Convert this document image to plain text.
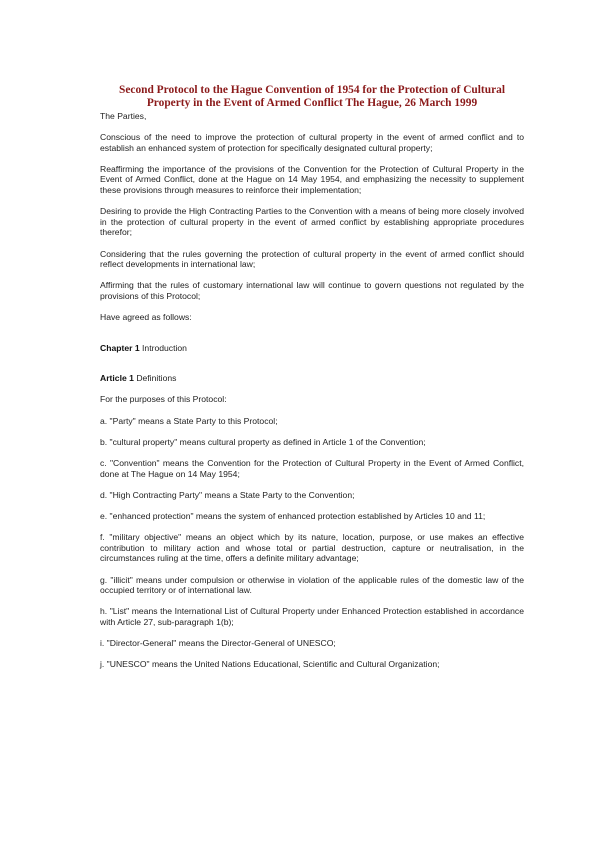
Second Protocol to the Hague Convention of 1954 for the Protection of Cultural Property in the Event of Armed Conflict The Hague, 26 March 1999

The Parties,

Conscious of the need to improve the protection of cultural property in the event of armed conflict and to establish an enhanced system of protection for specifically designated cultural property;

Reaffirming the importance of the provisions of the Convention for the Protection of Cultural Property in the Event of Armed Conflict, done at the Hague on 14 May 1954, and emphasizing the necessity to supplement these provisions through measures to reinforce their implementation;

Desiring to provide the High Contracting Parties to the Convention with a means of being more closely involved in the protection of cultural property in the event of armed conflict by establishing appropriate procedures therefor;

Considering that the rules governing the protection of cultural property in the event of armed conflict should reflect developments in international law;

Affirming that the rules of customary international law will continue to govern questions not regulated by the provisions of this Protocol;

Have agreed as follows:

Chapter 1 Introduction

Article 1 Definitions

For the purposes of this Protocol:

a. "Party" means a State Party to this Protocol;

b. "cultural property" means cultural property as defined in Article 1 of the Convention;

c. "Convention" means the Convention for the Protection of Cultural Property in the Event of Armed Conflict, done at The Hague on 14 May 1954;

d. "High Contracting Party" means a State Party to the Convention;

e. "enhanced protection" means the system of enhanced protection established by Articles 10 and 11;

f. "military objective" means an object which by its nature, location, purpose, or use makes an effective contribution to military action and whose total or partial destruction, capture or neutralisation, in the circumstances ruling at the time, offers a definite military advantage;

g. "illicit" means under compulsion or otherwise in violation of the applicable rules of the domestic law of the occupied territory or of international law.

h. "List" means the International List of Cultural Property under Enhanced Protection established in accordance with Article 27, sub-paragraph 1(b);

i. "Director-General" means the Director-General of UNESCO;

j. "UNESCO" means the United Nations Educational, Scientific and Cultural Organization;
